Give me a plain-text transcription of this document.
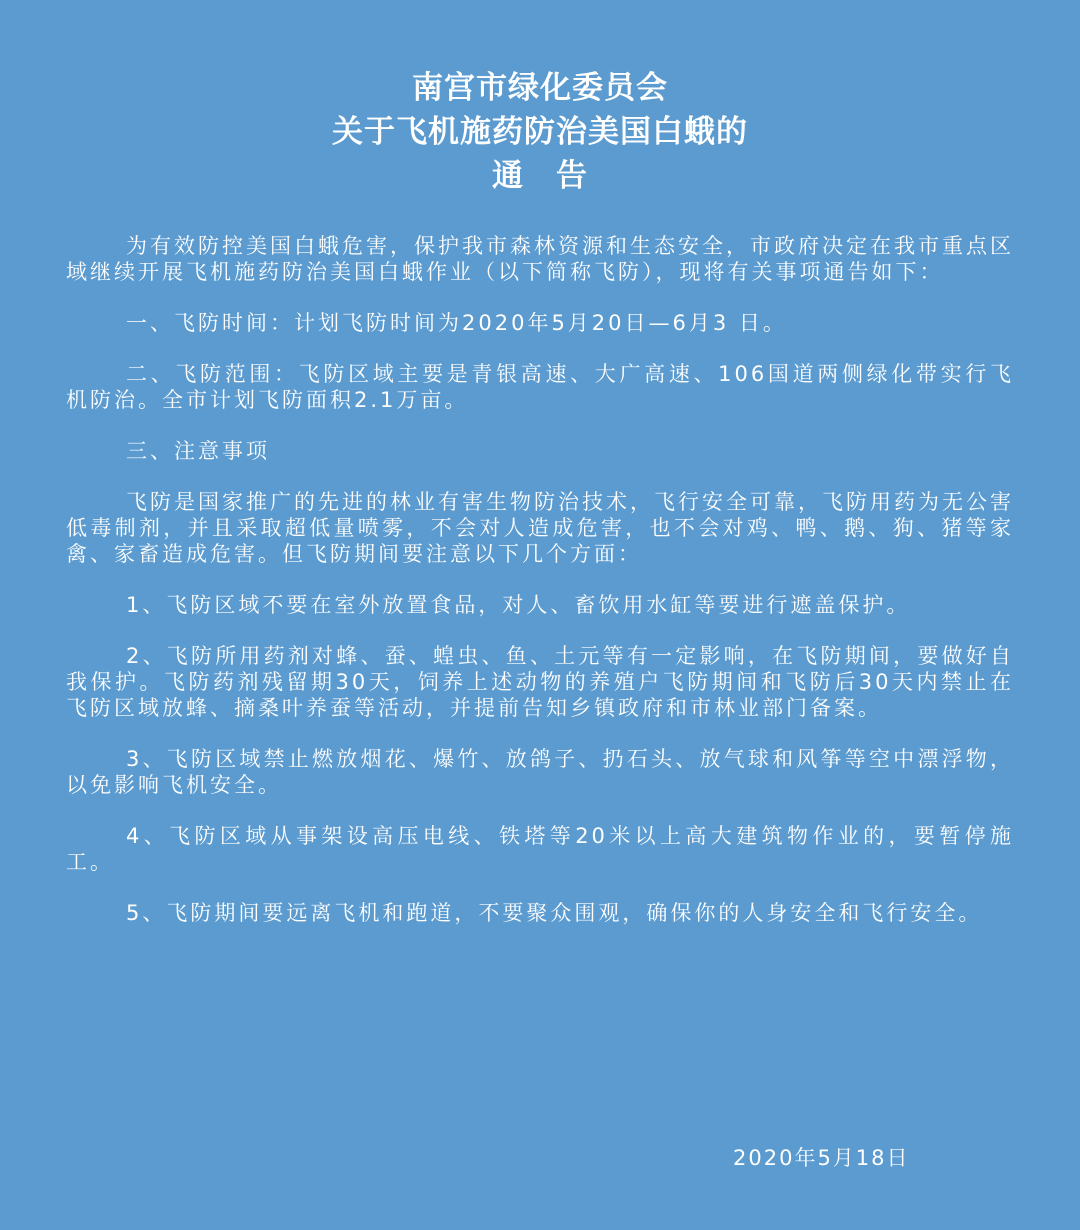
南宫市绿化委员会
关于飞机施药防治美国白蛾的
通　告

为有效防控美国白蛾危害，保护我市森林资源和生态安全，市政府决定在我市重点区域继续开展飞机施药防治美国白蛾作业（以下简称飞防），现将有关事项通告如下：

一、飞防时间：计划飞防时间为2020年5月20日—6月3 日。

二、飞防范围：飞防区域主要是青银高速、大广高速、106国道两侧绿化带实行飞机防治。全市计划飞防面积2.1万亩。

三、注意事项

飞防是国家推广的先进的林业有害生物防治技术，飞行安全可靠，飞防用药为无公害低毒制剂，并且采取超低量喷雾，不会对人造成危害，也不会对鸡、鸭、鹅、狗、猪等家禽、家畜造成危害。但飞防期间要注意以下几个方面：

1、飞防区域不要在室外放置食品，对人、畜饮用水缸等要进行遮盖保护。

2、飞防所用药剂对蜂、蚕、蝗虫、鱼、土元等有一定影响，在飞防期间，要做好自我保护。飞防药剂残留期30天，饲养上述动物的养殖户飞防期间和飞防后30天内禁止在飞防区域放蜂、摘桑叶养蚕等活动，并提前告知乡镇政府和市林业部门备案。

3、飞防区域禁止燃放烟花、爆竹、放鸽子、扔石头、放气球和风筝等空中漂浮物，以免影响飞机安全。

4、飞防区域从事架设高压电线、铁塔等20米以上高大建筑物作业的，要暂停施工。

5、飞防期间要远离飞机和跑道，不要聚众围观，确保你的人身安全和飞行安全。

2020年5月18日
